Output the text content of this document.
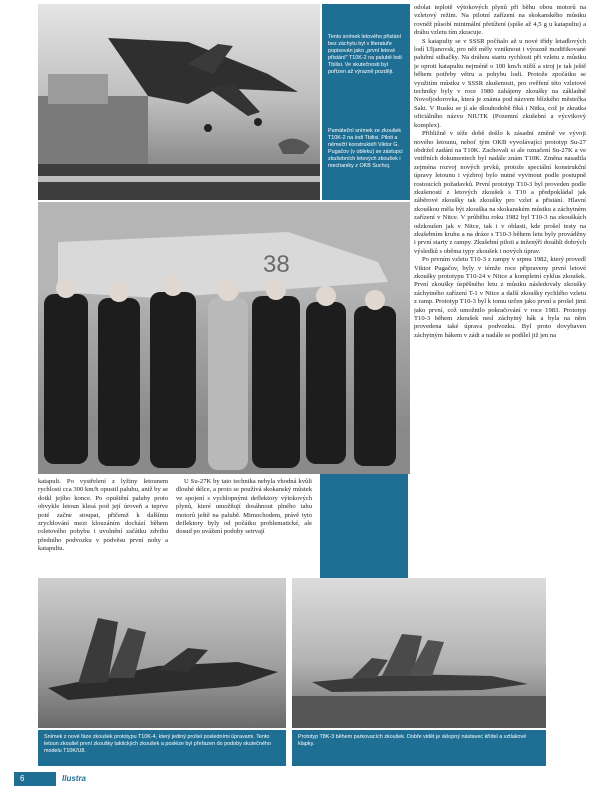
Tento snímek letového přistání bez záchytu byl v literatuře popisován jako „první letové přistání" T10K-2 na palubě lodi Tbilisi. Ve skutečnosti byl pořízen až výrazně později.
Památeční snímek ze zkoušek T10K-2 na lodi Tbilisi. Piloti a němečtí konstruktéři Viktor G. Pugačov (v obleku) se zástupci zkušebních letových zkoušek i mechaniky z OKB Suchoj.
38

odolat teplotě výtokových plynů při běhu obou motorů na vzletový režim. Na pilotní zařízení na skokanského můstku rovněž působí minimální přetížení (spíše až 4,5 g u katapultu) a dráhu vzletu tím zkracuje.

S katapulty se v SSSR počítalo až u nové třídy letadlových lodí Uljanovsk, pro něž měly vzniknout i výrazně modifikované palubní stíhačky. Na dráhou startu rychlosti při vzletu z můstku je oproti katapultu nejméně o 100 km/h nižší a stroj je tak ještě během potřeby větru a pohybu lodi. Protože zpočátku se využitím můstku v SSSR zkušenosti, pro ověření této vzletové techniky byly v roce 1980 zahájeny zkoušky na základně Novofjodorovka, která je známa pod názvem blízkého městečka Saki. V Rusku se jí ale dlouhodobě říká i Nitka, což je zkratka oficiálního názvu NIUTK (Pozemní zkušební a výcvikový komplex).

Přibližně v téže době došlo k zásadní změně ve vývoji nového letounu, neboť tým OKB vyvolávající prototyp Su-27 obdržel zadání na T10K. Zachovali si ale označení Su-27K a ve vnitřních dokumentech byl nadále znám T10K. Změna nasadila zejména rozvoj nových prvků, protože speciální konstrukční úpravy letounu i výzbroj bylo nutné vyvinout podle postupně rostoucích požadavků. První prototyp T10-3 byl proveden podle zkušeností z letových zkoušek s T10 a předpokládal jak záběrové zkoušky tak zkoušky pro vzlet a přistání. Hlavní zkouškou měla být zkouška na skokanském můstku a záchytném zařízení v Nitce. V průběhu roku 1982 byl T10-3 na zkouškách odzkoušen jak v Nitce, tak i v oblasti, kde prošel testy na zkušebním kruhu a na dráze s T10-3 během letu byly prováděny i první starty z rampy. Zkušební piloti a inženýři dosáhli dobrých výsledků s oběma typy zkoušek i nových úprav.

Po prvním vzletu T10-3 z rampy v srpnu 1982, který provedl Viktor Pugačov, byly v témže roce připraveny první letové zkoušky prototypu T10-24 v Nitce a kompletní cyklus zkoušek. První zkoušky úspěšného letu z můstku následovaly zkoušky záchytného zařízení T-1 v Nitce a další zkoušky rychlého vzletu z ramp. Prototyp T10-3 byl k tomu určen jako první a prošel jimi jako první, což umožnilo pokračování v roce 1983. Prototyp T10-3 během zkoušek nesl záchytný hák a byla na něm provedena také úprava podvozku. Byl proto dovybaven záchytným hákem v zádi a nadále se podílel již jen na

katapult. Po vystřelení z lyžiny letounem rychlostí cca 300 km/h opustil palubu, aniž by se dotkl jejího konce. Po opuštění paluby proto obvykle letoun klesá pod její úroveň a teprve poté začne stoupat, přičemž k dalšímu zrychlování mezi klouzáním dochází během roletového pohybu i uvolnění začátku zdvihu předního podvozku v podvěsu první nohy a katapultu.

U Su-27K by tato technika nebyla vhodná kvůli dlouhé délce, a proto se používá skokanský můstek ve spojení s vychlopnými deflektory výtokových plynů, které umožňují dosáhnout plného tahu motorů ještě na palubě. Mimochodem, právě tyto deflektory byly od počátku problematické, ale dosud po uvážení podoby setrvají

Snímek z nové fáze zkoušek prototypu T10K-4, který jediný prošel posledními úpravami. Tento letoun zkoušel první zkoušky taktických zkoušek a posléze byl přeřazen do podoby skutečného modelu T10K/U8.
Prototyp T8K-3 během parkovacích zkoušek. Dobře vidět je sklopný nástavec křídel a vztlakové klapky.
6	Ilustra
